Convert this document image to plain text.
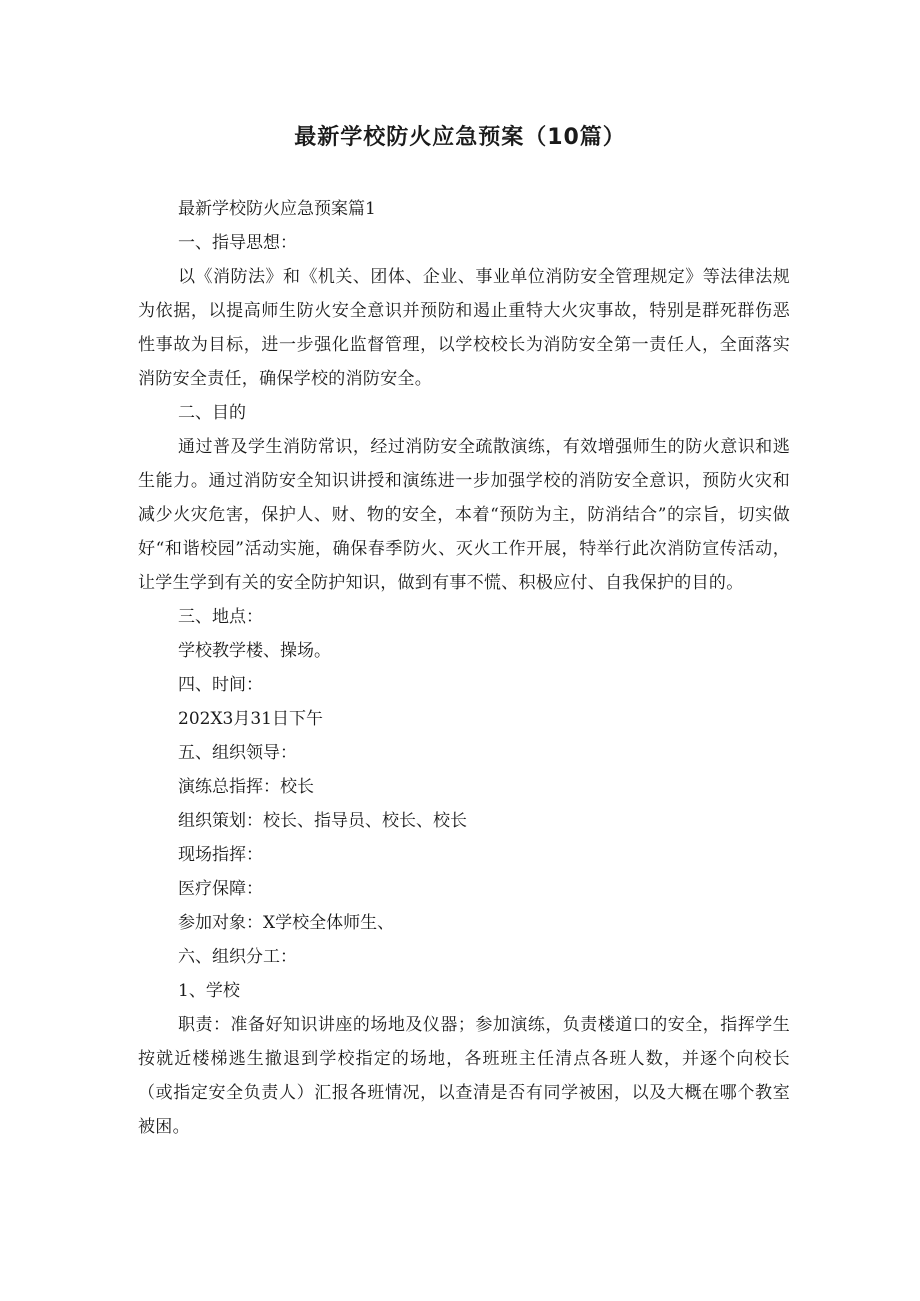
最新学校防火应急预案（10篇）

最新学校防火应急预案篇1

一、指导思想：

以《消防法》和《机关、团体、企业、事业单位消防安全管理规定》等法律法规为依据，以提高师生防火安全意识并预防和遏止重特大火灾事故，特别是群死群伤恶性事故为目标，进一步强化监督管理，以学校校长为消防安全第一责任人，全面落实消防安全责任，确保学校的消防安全。

二、目的

通过普及学生消防常识，经过消防安全疏散演练，有效增强师生的防火意识和逃生能力。通过消防安全知识讲授和演练进一步加强学校的消防安全意识，预防火灾和减少火灾危害，保护人、财、物的安全，本着“预防为主，防消结合”的宗旨，切实做好“和谐校园”活动实施，确保春季防火、灭火工作开展，特举行此次消防宣传活动，让学生学到有关的安全防护知识，做到有事不慌、积极应付、自我保护的目的。

三、地点：

学校教学楼、操场。

四、时间：

202X3月31日下午

五、组织领导：

演练总指挥：校长

组织策划：校长、指导员、校长、校长

现场指挥：

医疗保障：

参加对象：X学校全体师生、

六、组织分工：

1、学校

职责：准备好知识讲座的场地及仪器；参加演练，负责楼道口的安全，指挥学生按就近楼梯逃生撤退到学校指定的场地，各班班主任清点各班人数，并逐个向校长（或指定安全负责人）汇报各班情况，以查清是否有同学被困，以及大概在哪个教室被困。
